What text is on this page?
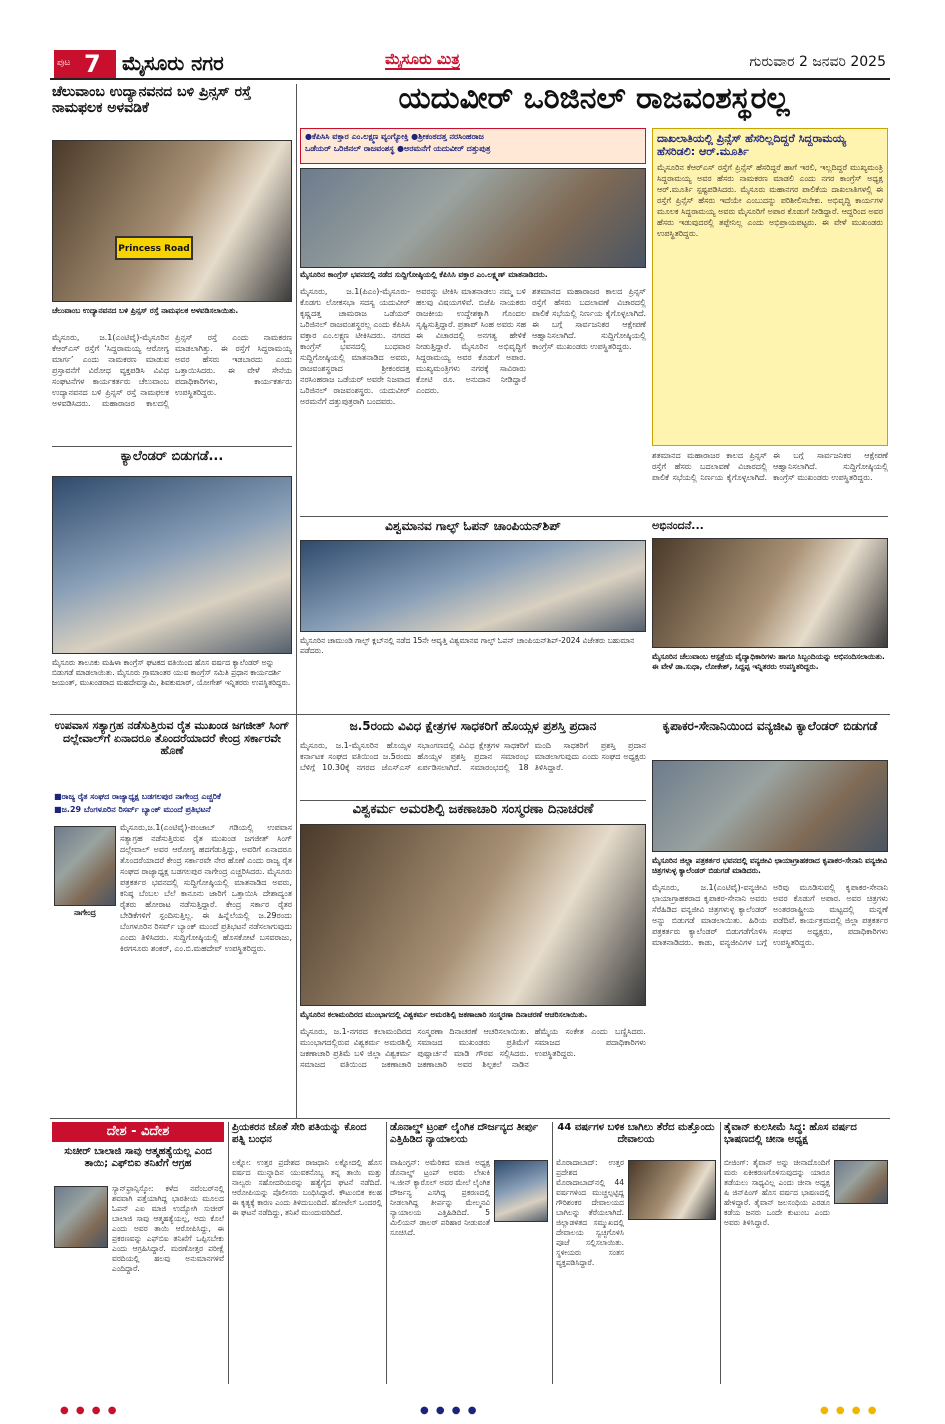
ಪುಟ 7 ಮೈಸೂರು ನಗರ	ಮೈಸೂರು ಮಿತ್ರ	ಗುರುವಾರ 2 ಜನವರಿ 2025
ಚೆಲುವಾಂಬ ಉದ್ಯಾನವನದ ಬಳಿ ಪ್ರಿನ್ಸಸ್ ರಸ್ತೆ ನಾಮಫಲಕ ಅಳವಡಿಕೆ
Princess Road
ಚೆಲುವಾಂಬ ಉದ್ಯಾನವನದ ಬಳಿ ಪ್ರಿನ್ಸಸ್ ರಸ್ತೆ ನಾಮಫಲಕ ಅಳವಡಿಸಲಾಯಿತು.
ಮೈಸೂರು, ಜ.1(ಎಂಟಿವೈ)-ಮೈಸೂರಿನ ಕೆಆರ್‌ಎಸ್ ರಸ್ತೆಗೆ ‘ಸಿದ್ದರಾಮಯ್ಯ ಆರೋಗ್ಯ ಮಾರ್ಗ’ ಎಂದು ನಾಮಕರಣ ಮಾಡುವ ಪ್ರಸ್ತಾವನೆಗೆ ವಿರೋಧ ವ್ಯಕ್ತಪಡಿಸಿ ವಿವಿಧ ಸಂಘಟನೆಗಳ ಕಾರ್ಯಕರ್ತರು ಚೆಲುವಾಂಬ ಉದ್ಯಾನವನದ ಬಳಿ ಪ್ರಿನ್ಸಸ್ ರಸ್ತೆ ನಾಮಫಲಕ ಅಳವಡಿಸಿದರು. ಮಹಾರಾಜರ ಕಾಲದಲ್ಲಿ ಪ್ರಿನ್ಸಸ್ ರಸ್ತೆ ಎಂದು ನಾಮಕರಣ ಮಾಡಲಾಗಿತ್ತು. ಈ ರಸ್ತೆಗೆ ಸಿದ್ದರಾಮಯ್ಯ ಅವರ ಹೆಸರು ಇಡಬಾರದು ಎಂದು ಒತ್ತಾಯಿಸಿದರು. ಈ ವೇಳೆ ಸೇನೆಯ ಪದಾಧಿಕಾರಿಗಳು, ಕಾರ್ಯಕರ್ತರು ಉಪಸ್ಥಿತರಿದ್ದರು.
ಕ್ಯಾಲೆಂಡರ್ ಬಿಡುಗಡೆ...
ಮೈಸೂರು ತಾಲೂಕು ಮಹಿಳಾ ಕಾಂಗ್ರೆಸ್ ಘಟಕದ ವತಿಯಿಂದ ಹೊಸ ವರ್ಷದ ಕ್ಯಾಲೆಂಡರ್ ಅನ್ನು ಬಿಡುಗಡೆ ಮಾಡಲಾಯಿತು. ಮೈಸೂರು ಗ್ರಾಮಾಂತರ ಯುವ ಕಾಂಗ್ರೆಸ್ ಸಮಿತಿ ಪ್ರಧಾನ ಕಾರ್ಯದರ್ಶಿ ಜಯಂತ್, ಮುಖಂಡರಾದ ಮಹದೇವಸ್ವಾಮಿ, ಶಿವಕುಮಾರ್, ಯೋಗೇಶ್ ಇನ್ನಿತರರು ಉಪಸ್ಥಿತರಿದ್ದರು.
ಯದುವೀರ್ ಒರಿಜಿನಲ್ ರಾಜವಂಶಸ್ಥರಲ್ಲ
●ಕೆಪಿಸಿಸಿ ವಕ್ತಾರ ಎಂ.ಲಕ್ಷ್ಮಣ ವ್ಯಂಗ್ಯೋಕ್ತಿ ●ಶ್ರೀಕಂಠದತ್ತ ನರಸಿಂಹರಾಜ
ಒಡೆಯರ್ ಒರಿಜಿನಲ್ ರಾಜವಂಶಸ್ಥ ●ಅರಮನೆಗೆ ಯದುವೀರ್ ದತ್ತುಪುತ್ರ
ಮೈಸೂರಿನ ಕಾಂಗ್ರೆಸ್ ಭವನದಲ್ಲಿ ನಡೆದ ಸುದ್ದಿಗೋಷ್ಠಿಯಲ್ಲಿ ಕೆಪಿಸಿಸಿ ವಕ್ತಾರ ಎಂ.ಲಕ್ಷ್ಮಣ್ ಮಾತನಾಡಿದರು.
ಮೈಸೂರು, ಜ.1(ಪಿಎಂ)-ಮೈಸೂರು-ಕೊಡಗು ಲೋಕಸಭಾ ಸದಸ್ಯ ಯದುವೀರ್ ಕೃಷ್ಣದತ್ತ ಚಾಮರಾಜ ಒಡೆಯರ್ ಒರಿಜಿನಲ್ ರಾಜವಂಶಸ್ಥರಲ್ಲ ಎಂದು ಕೆಪಿಸಿಸಿ ವಕ್ತಾರ ಎಂ.ಲಕ್ಷ್ಮಣ ಟೀಕಿಸಿದರು. ನಗರದ ಕಾಂಗ್ರೆಸ್ ಭವನದಲ್ಲಿ ಬುಧವಾರ ಸುದ್ದಿಗೋಷ್ಠಿಯಲ್ಲಿ ಮಾತನಾಡಿದ ಅವರು, ರಾಜವಂಶಸ್ಥರಾದ ಶ್ರೀಕಂಠದತ್ತ ನರಸಿಂಹರಾಜ ಒಡೆಯರ್ ಅವರೇ ನಿಜವಾದ ಒರಿಜಿನಲ್ ರಾಜವಂಶಸ್ಥರು. ಯದುವೀರ್ ಅರಮನೆಗೆ ದತ್ತುಪುತ್ರರಾಗಿ ಬಂದವರು.
ಅವರನ್ನು ಟೀಕಿಸಿ ಮಾತನಾಡಲು ನಮ್ಮ ಬಳಿ ಹಲವು ವಿಷಯಗಳಿವೆ. ಬಿಜೆಪಿ ನಾಯಕರು ರಾಜಕೀಯ ಉದ್ದೇಶಕ್ಕಾಗಿ ಗೊಂದಲ ಸೃಷ್ಟಿಸುತ್ತಿದ್ದಾರೆ. ಪ್ರತಾಪ್ ಸಿಂಹ ಅವರು ಸಹ ಈ ವಿಚಾರದಲ್ಲಿ ಅನಗತ್ಯ ಹೇಳಿಕೆ ನೀಡುತ್ತಿದ್ದಾರೆ. ಮೈಸೂರಿನ ಅಭಿವೃದ್ಧಿಗೆ ಸಿದ್ದರಾಮಯ್ಯ ಅವರ ಕೊಡುಗೆ ಅಪಾರ. ಮುಖ್ಯಮಂತ್ರಿಗಳು ನಗರಕ್ಕೆ ಸಾವಿರಾರು ಕೋಟಿ ರೂ. ಅನುದಾನ ನೀಡಿದ್ದಾರೆ ಎಂದರು.
ಶತಮಾನದ ಮಹಾರಾಜರ ಕಾಲದ ಪ್ರಿನ್ಸಸ್ ರಸ್ತೆಗೆ ಹೆಸರು ಬದಲಾವಣೆ ವಿಚಾರದಲ್ಲಿ ಪಾಲಿಕೆ ಸಭೆಯಲ್ಲಿ ನಿರ್ಣಯ ಕೈಗೊಳ್ಳಲಾಗಿದೆ. ಈ ಬಗ್ಗೆ ಸಾರ್ವಜನಿಕರ ಆಕ್ಷೇಪಣೆ ಆಹ್ವಾನಿಸಲಾಗಿದೆ. ಸುದ್ದಿಗೋಷ್ಠಿಯಲ್ಲಿ ಕಾಂಗ್ರೆಸ್ ಮುಖಂಡರು ಉಪಸ್ಥಿತರಿದ್ದರು.
ದಾಖಲಾತಿಯಲ್ಲಿ ಪ್ರಿನ್ಸೆಸ್ ಹೆಸರಿಲ್ಲದಿದ್ದರೆ ಸಿದ್ದರಾಮಯ್ಯ ಹೆಸರಿಡಲಿ: ಆರ್.ಮೂರ್ತಿ
ಮೈಸೂರಿನ ಕೆಆರ್‌ಎಸ್ ರಸ್ತೆಗೆ ಪ್ರಿನ್ಸೆಸ್ ಹೆಸರಿದ್ದರೆ ಹಾಗೆ ಇರಲಿ, ಇಲ್ಲದಿದ್ದರೆ ಮುಖ್ಯಮಂತ್ರಿ ಸಿದ್ದರಾಮಯ್ಯ ಅವರ ಹೆಸರು ನಾಮಕರಣ ಮಾಡಲಿ ಎಂದು ನಗರ ಕಾಂಗ್ರೆಸ್ ಅಧ್ಯಕ್ಷ ಆರ್.ಮೂರ್ತಿ ಸ್ಪಷ್ಟಪಡಿಸಿದರು. ಮೈಸೂರು ಮಹಾನಗರ ಪಾಲಿಕೆಯ ದಾಖಲಾತಿಗಳಲ್ಲಿ ಈ ರಸ್ತೆಗೆ ಪ್ರಿನ್ಸೆಸ್ ಹೆಸರು ಇದೆಯೇ ಎಂಬುದನ್ನು ಪರಿಶೀಲಿಸಬೇಕು. ಅಭಿವೃದ್ಧಿ ಕಾರ್ಯಗಳ ಮೂಲಕ ಸಿದ್ದರಾಮಯ್ಯ ಅವರು ಮೈಸೂರಿಗೆ ಅಪಾರ ಕೊಡುಗೆ ನೀಡಿದ್ದಾರೆ. ಆದ್ದರಿಂದ ಅವರ ಹೆಸರು ಇಡುವುದರಲ್ಲಿ ತಪ್ಪೇನಿಲ್ಲ ಎಂದು ಅಭಿಪ್ರಾಯಪಟ್ಟರು. ಈ ವೇಳೆ ಮುಖಂಡರು ಉಪಸ್ಥಿತರಿದ್ದರು.
ಶತಮಾನದ ಮಹಾರಾಜರ ಕಾಲದ ಪ್ರಿನ್ಸಸ್ ರಸ್ತೆಗೆ ಹೆಸರು ಬದಲಾವಣೆ ವಿಚಾರದಲ್ಲಿ ಪಾಲಿಕೆ ಸಭೆಯಲ್ಲಿ ನಿರ್ಣಯ ಕೈಗೊಳ್ಳಲಾಗಿದೆ. ಈ ಬಗ್ಗೆ ಸಾರ್ವಜನಿಕರ ಆಕ್ಷೇಪಣೆ ಆಹ್ವಾನಿಸಲಾಗಿದೆ. ಸುದ್ದಿಗೋಷ್ಠಿಯಲ್ಲಿ ಕಾಂಗ್ರೆಸ್ ಮುಖಂಡರು ಉಪಸ್ಥಿತರಿದ್ದರು.
ವಿಶ್ವಮಾನವ ಗಾಲ್ಫ್ ಓಪನ್ ಚಾಂಪಿಯನ್‌ಶಿಪ್
ಮೈಸೂರಿನ ಚಾಮುಂಡಿ ಗಾಲ್ಫ್ ಕ್ಲಬ್‌ನಲ್ಲಿ ನಡೆದ 15ನೇ ಆವೃತ್ತಿ ವಿಶ್ವಮಾನವ ಗಾಲ್ಫ್ ಓಪನ್ ಚಾಂಪಿಯನ್‌ಶಿಪ್-2024 ವಿಜೇತರು ಬಹುಮಾನ ಪಡೆದರು.
ಅಭಿನಂದನೆ...
ಮೈಸೂರಿನ ಚೆಲುವಾಂಬ ಆಸ್ಪತ್ರೆಯ ವೈದ್ಯಾಧಿಕಾರಿಗಳು ಹಾಗೂ ಸಿಬ್ಬಂದಿಯನ್ನು ಅಭಿನಂದಿಸಲಾಯಿತು. ಈ ವೇಳೆ ಡಾ.ಸುಧಾ, ಲೋಕೇಶ್, ಸಿದ್ದಪ್ಪ ಇನ್ನಿತರರು ಉಪಸ್ಥಿತರಿದ್ದರು.
ಉಪವಾಸ ಸತ್ಯಾಗ್ರಹ ನಡೆಸುತ್ತಿರುವ ರೈತ ಮುಖಂಡ ಜಗಜೀತ್ ಸಿಂಗ್ ದಲ್ಲೇವಾಲ್‌ಗೆ ಏನಾದರೂ ತೊಂದರೆಯಾದರೆ ಕೇಂದ್ರ ಸರ್ಕಾರವೇ ಹೊಣೆ
■ರಾಜ್ಯ ರೈತ ಸಂಘದ ರಾಜ್ಯಾಧ್ಯಕ್ಷ ಬಡಗಲಪುರ ನಾಗೇಂದ್ರ ಎಚ್ಚರಿಕೆ
■ಜ.29 ಬೆಂಗಳೂರಿನ ರಿಸರ್ವ್ ಬ್ಯಾಂಕ್ ಮುಂದೆ ಪ್ರತಿಭಟನೆ
ನಾಗೇಂದ್ರ
ಮೈಸೂರು,ಜ.1(ಎಂಟಿವೈ)-ಪಂಜಾಬ್ ಗಡಿಯಲ್ಲಿ ಉಪವಾಸ ಸತ್ಯಾಗ್ರಹ ನಡೆಸುತ್ತಿರುವ ರೈತ ಮುಖಂಡ ಜಗಜೀತ್ ಸಿಂಗ್ ದಲ್ಲೇವಾಲ್ ಅವರ ಆರೋಗ್ಯ ಹದಗೆಡುತ್ತಿದ್ದು, ಅವರಿಗೆ ಏನಾದರೂ ತೊಂದರೆಯಾದರೆ ಕೇಂದ್ರ ಸರ್ಕಾರವೇ ನೇರ ಹೊಣೆ ಎಂದು ರಾಜ್ಯ ರೈತ ಸಂಘದ ರಾಜ್ಯಾಧ್ಯಕ್ಷ ಬಡಗಲಪುರ ನಾಗೇಂದ್ರ ಎಚ್ಚರಿಸಿದರು. ಮೈಸೂರು ಪತ್ರಕರ್ತರ ಭವನದಲ್ಲಿ ಸುದ್ದಿಗೋಷ್ಠಿಯಲ್ಲಿ ಮಾತನಾಡಿದ ಅವರು, ಕನಿಷ್ಠ ಬೆಂಬಲ ಬೆಲೆ ಕಾನೂನು ಜಾರಿಗೆ ಒತ್ತಾಯಿಸಿ ದೇಶಾದ್ಯಂತ ರೈತರು ಹೋರಾಟ ನಡೆಸುತ್ತಿದ್ದಾರೆ. ಕೇಂದ್ರ ಸರ್ಕಾರ ರೈತರ ಬೇಡಿಕೆಗಳಿಗೆ ಸ್ಪಂದಿಸುತ್ತಿಲ್ಲ. ಈ ಹಿನ್ನೆಲೆಯಲ್ಲಿ ಜ.29ರಂದು ಬೆಂಗಳೂರಿನ ರಿಸರ್ವ್ ಬ್ಯಾಂಕ್ ಮುಂದೆ ಪ್ರತಿಭಟನೆ ನಡೆಸಲಾಗುವುದು ಎಂದು ತಿಳಿಸಿದರು. ಸುದ್ದಿಗೋಷ್ಠಿಯಲ್ಲಿ ಹೊಸಕೋಟೆ ಬಸವರಾಜು, ಕಿರಗಸೂರು ಶಂಕರ್, ಎಂ.ಬಿ.ಮಹದೇವ್ ಉಪಸ್ಥಿತರಿದ್ದರು.
ಜ.5ರಂದು ವಿವಿಧ ಕ್ಷೇತ್ರಗಳ ಸಾಧಕರಿಗೆ ಹೊಯ್ಸಳ ಪ್ರಶಸ್ತಿ ಪ್ರದಾನ
ಮೈಸೂರು, ಜ.1-ಮೈಸೂರಿನ ಹೊಯ್ಸಳ ಕರ್ನಾಟಕ ಸಂಘದ ವತಿಯಿಂದ ಜ.5ರಂದು ಬೆಳಿಗ್ಗೆ 10.30ಕ್ಕೆ ನಗರದ ಜೆಎಸ್‌ಎಸ್ ಸಭಾಂಗಣದಲ್ಲಿ ವಿವಿಧ ಕ್ಷೇತ್ರಗಳ ಸಾಧಕರಿಗೆ ಹೊಯ್ಸಳ ಪ್ರಶಸ್ತಿ ಪ್ರದಾನ ಸಮಾರಂಭ ಏರ್ಪಡಿಸಲಾಗಿದೆ. ಸಮಾರಂಭದಲ್ಲಿ 18 ಮಂದಿ ಸಾಧಕರಿಗೆ ಪ್ರಶಸ್ತಿ ಪ್ರದಾನ ಮಾಡಲಾಗುವುದು ಎಂದು ಸಂಘದ ಅಧ್ಯಕ್ಷರು ತಿಳಿಸಿದ್ದಾರೆ.
ಕೃಪಾಕರ-ಸೇನಾನಿಯಿಂದ ವನ್ಯಜೀವಿ ಕ್ಯಾಲೆಂಡರ್ ಬಿಡುಗಡೆ
ಮೈಸೂರಿನ ಜಿಲ್ಲಾ ಪತ್ರಕರ್ತರ ಭವನದಲ್ಲಿ ವನ್ಯಜೀವಿ ಛಾಯಾಗ್ರಾಹಕರಾದ ಕೃಪಾಕರ-ಸೇನಾನಿ ವನ್ಯಜೀವಿ ಚಿತ್ರಗಳುಳ್ಳ ಕ್ಯಾಲೆಂಡರ್ ಬಿಡುಗಡೆ ಮಾಡಿದರು.
ಮೈಸೂರು, ಜ.1(ಎಂಟಿವೈ)-ವನ್ಯಜೀವಿ ಛಾಯಾಗ್ರಾಹಕರಾದ ಕೃಪಾಕರ-ಸೇನಾನಿ ಅವರು ಸೆರೆಹಿಡಿದ ವನ್ಯಜೀವಿ ಚಿತ್ರಗಳುಳ್ಳ ಕ್ಯಾಲೆಂಡರ್ ಅನ್ನು ಬಿಡುಗಡೆ ಮಾಡಲಾಯಿತು. ಹಿರಿಯ ಪತ್ರಕರ್ತರು ಕ್ಯಾಲೆಂಡರ್ ಬಿಡುಗಡೆಗೊಳಿಸಿ ಮಾತನಾಡಿದರು. ಕಾಡು, ವನ್ಯಜೀವಿಗಳ ಬಗ್ಗೆ ಅರಿವು ಮೂಡಿಸುವಲ್ಲಿ ಕೃಪಾಕರ-ಸೇನಾನಿ ಅವರ ಕೊಡುಗೆ ಅಪಾರ. ಅವರ ಚಿತ್ರಗಳು ಅಂತರರಾಷ್ಟ್ರೀಯ ಮಟ್ಟದಲ್ಲಿ ಮನ್ನಣೆ ಪಡೆದಿವೆ. ಕಾರ್ಯಕ್ರಮದಲ್ಲಿ ಜಿಲ್ಲಾ ಪತ್ರಕರ್ತರ ಸಂಘದ ಅಧ್ಯಕ್ಷರು, ಪದಾಧಿಕಾರಿಗಳು ಉಪಸ್ಥಿತರಿದ್ದರು.
ವಿಶ್ವಕರ್ಮ ಅಮರಶಿಲ್ಪಿ ಜಕಣಾಚಾರಿ ಸಂಸ್ಮರಣಾ ದಿನಾಚರಣೆ
ಮೈಸೂರಿನ ಕಲಾಮಂದಿರದ ಮುಂಭಾಗದಲ್ಲಿ ವಿಶ್ವಕರ್ಮ ಅಮರಶಿಲ್ಪಿ ಜಕಣಾಚಾರಿ ಸಂಸ್ಮರಣಾ ದಿನಾಚರಣೆ ಆಚರಿಸಲಾಯಿತು.
ಮೈಸೂರು, ಜ.1-ನಗರದ ಕಲಾಮಂದಿರದ ಮುಂಭಾಗದಲ್ಲಿರುವ ವಿಶ್ವಕರ್ಮ ಅಮರಶಿಲ್ಪಿ ಜಕಣಾಚಾರಿ ಪ್ರತಿಮೆ ಬಳಿ ಜಿಲ್ಲಾ ವಿಶ್ವಕರ್ಮ ಸಮಾಜದ ವತಿಯಿಂದ ಜಕಣಾಚಾರಿ ಸಂಸ್ಮರಣಾ ದಿನಾಚರಣೆ ಆಚರಿಸಲಾಯಿತು. ಸಮಾಜದ ಮುಖಂಡರು ಪ್ರತಿಮೆಗೆ ಪುಷ್ಪಾರ್ಚನೆ ಮಾಡಿ ಗೌರವ ಸಲ್ಲಿಸಿದರು. ಜಕಣಾಚಾರಿ ಅವರ ಶಿಲ್ಪಕಲೆ ನಾಡಿನ ಹೆಮ್ಮೆಯ ಸಂಕೇತ ಎಂದು ಬಣ್ಣಿಸಿದರು. ಸಮಾಜದ ಪದಾಧಿಕಾರಿಗಳು ಉಪಸ್ಥಿತರಿದ್ದರು.
ದೇಶ - ವಿದೇಶ
ಸುಚೀರ್ ಬಾಲಾಜಿ ಸಾವು ಆತ್ಮಹತ್ಯೆಯಲ್ಲ ಎಂದ ತಾಯಿ; ಎಫ್‌ಬಿಐ ತನಿಖೆಗೆ ಆಗ್ರಹ
ಸ್ಯಾನ್‌ಫ್ರಾನ್ಸಿಸ್ಕೋ: ಕಳೆದ ನವೆಂಬರ್‌ನಲ್ಲಿ ಶವವಾಗಿ ಪತ್ತೆಯಾಗಿದ್ದ ಭಾರತೀಯ ಮೂಲದ ಓಪನ್ ಎಐ ಮಾಜಿ ಉದ್ಯೋಗಿ ಸುಚೀರ್ ಬಾಲಾಜಿ ಸಾವು ಆತ್ಮಹತ್ಯೆಯಲ್ಲ, ಅದು ಕೊಲೆ ಎಂದು ಅವರ ತಾಯಿ ಆರೋಪಿಸಿದ್ದು, ಈ ಪ್ರಕರಣವನ್ನು ಎಫ್‌ಬಿಐ ತನಿಖೆಗೆ ಒಪ್ಪಿಸಬೇಕು ಎಂದು ಆಗ್ರಹಿಸಿದ್ದಾರೆ. ಮರಣೋತ್ತರ ಪರೀಕ್ಷೆ ವರದಿಯಲ್ಲಿ ಹಲವು ಅನುಮಾನಗಳಿವೆ ಎಂದಿದ್ದಾರೆ.
ಪ್ರಿಯಕರನ ಜೊತೆ ಸೇರಿ ಪತಿಯನ್ನು ಕೊಂದ ಪತ್ನಿ ಬಂಧನ
ಲಕ್ನೋ: ಉತ್ತರ ಪ್ರದೇಶದ ರಾಜಧಾನಿ ಲಕ್ನೋದಲ್ಲಿ ಹೊಸ ವರ್ಷದ ಮುನ್ನಾದಿನ ಯುವಕನೊಬ್ಬ ತನ್ನ ತಾಯಿ ಮತ್ತು ನಾಲ್ವರು ಸಹೋದರಿಯರನ್ನು ಹತ್ಯೆಗೈದ ಘಟನೆ ನಡೆದಿದೆ. ಆರೋಪಿಯನ್ನು ಪೊಲೀಸರು ಬಂಧಿಸಿದ್ದಾರೆ. ಕೌಟುಂಬಿಕ ಕಲಹ ಈ ಕೃತ್ಯಕ್ಕೆ ಕಾರಣ ಎಂದು ತಿಳಿದುಬಂದಿದೆ. ಹೋಟೆಲ್ ಒಂದರಲ್ಲಿ ಈ ಘಟನೆ ನಡೆದಿದ್ದು, ತನಿಖೆ ಮುಂದುವರಿದಿದೆ.
ಡೊನಾಲ್ಡ್ ಟ್ರಂಪ್ ಲೈಂಗಿಕ ದೌರ್ಜನ್ಯದ ತೀರ್ಪು ಎತ್ತಿಹಿಡಿದ ನ್ಯಾಯಾಲಯ
ವಾಷಿಂಗ್ಟನ್: ಅಮೆರಿಕದ ಮಾಜಿ ಅಧ್ಯಕ್ಷ ಡೊನಾಲ್ಡ್ ಟ್ರಂಪ್ ಅವರು ಲೇಖಕಿ ಇ.ಜೀನ್ ಕ್ಯಾರೊಲ್ ಅವರ ಮೇಲೆ ಲೈಂಗಿಕ ದೌರ್ಜನ್ಯ ಎಸಗಿದ್ದ ಪ್ರಕರಣದಲ್ಲಿ ನೀಡಲಾಗಿದ್ದ ತೀರ್ಪನ್ನು ಮೇಲ್ಮನವಿ ನ್ಯಾಯಾಲಯ ಎತ್ತಿಹಿಡಿದಿದೆ. 5 ಮಿಲಿಯನ್ ಡಾಲರ್ ಪರಿಹಾರ ನೀಡುವಂತೆ ಸೂಚಿಸಿದೆ.
44 ವರ್ಷಗಳ ಬಳಿಕ ಬಾಗಿಲು ತೆರೆದ ಮತ್ತೊಂದು ದೇವಾಲಯ
ಮೊರಾದಾಬಾದ್: ಉತ್ತರ ಪ್ರದೇಶದ ಮೊರಾದಾಬಾದ್‌ನಲ್ಲಿ 44 ವರ್ಷಗಳಿಂದ ಮುಚ್ಚಲ್ಪಟ್ಟಿದ್ದ ಗೌರಿಶಂಕರ ದೇವಾಲಯದ ಬಾಗಿಲನ್ನು ತೆರೆಯಲಾಗಿದೆ. ಜಿಲ್ಲಾಡಳಿತದ ಸಮ್ಮುಖದಲ್ಲಿ ದೇವಾಲಯ ಸ್ವಚ್ಛಗೊಳಿಸಿ ಪೂಜೆ ಸಲ್ಲಿಸಲಾಯಿತು. ಸ್ಥಳೀಯರು ಸಂತಸ ವ್ಯಕ್ತಪಡಿಸಿದ್ದಾರೆ.
ತೈವಾನ್ ಕುಲಸೀಮೆ ಸಿದ್ಧ: ಹೊಸ ವರ್ಷದ ಭಾಷಣದಲ್ಲಿ ಚೀನಾ ಅಧ್ಯಕ್ಷ
ಬೀಜಿಂಗ್: ತೈವಾನ್ ಅನ್ನು ಚೀನಾದೊಂದಿಗೆ ಮರು ಏಕೀಕರಣಗೊಳಿಸುವುದನ್ನು ಯಾರೂ ತಡೆಯಲು ಸಾಧ್ಯವಿಲ್ಲ ಎಂದು ಚೀನಾ ಅಧ್ಯಕ್ಷ ಷಿ ಜಿನ್‌ಪಿಂಗ್ ಹೊಸ ವರ್ಷದ ಭಾಷಣದಲ್ಲಿ ಹೇಳಿದ್ದಾರೆ. ತೈವಾನ್ ಜಲಸಂಧಿಯ ಎರಡೂ ಕಡೆಯ ಜನರು ಒಂದೇ ಕುಟುಂಬ ಎಂದು ಅವರು ತಿಳಿಸಿದ್ದಾರೆ.
● ● ● ●	● ● ● ●	● ● ● ●
